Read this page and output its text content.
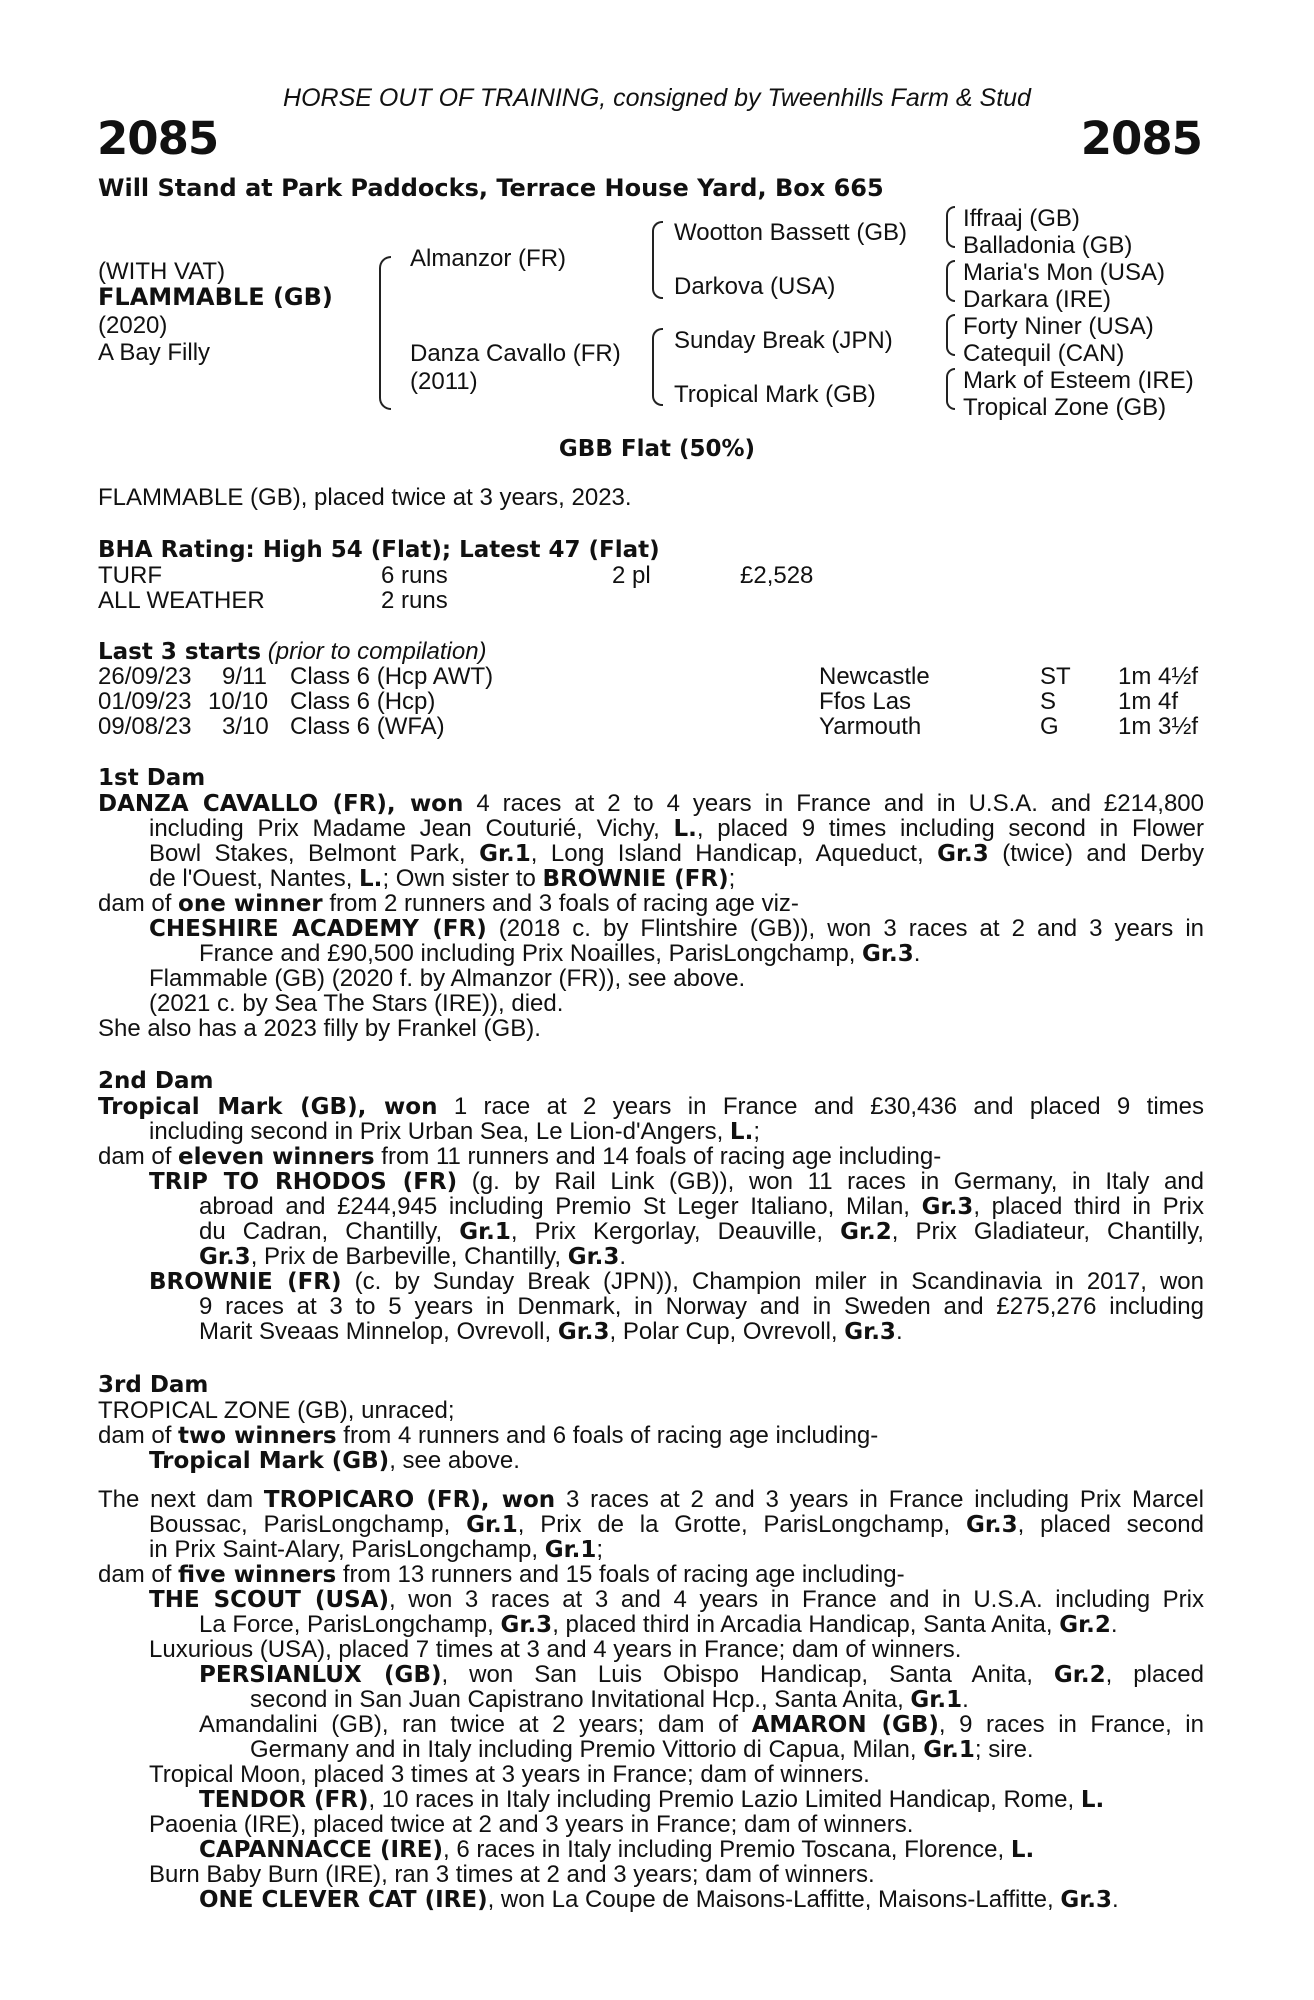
HORSE OUT OF TRAINING, consigned by Tweenhills Farm & Stud
2085	2085
Will Stand at Park Paddocks, Terrace House Yard, Box 665
(WITH VAT)
FLAMMABLE (GB)
(2020)
A Bay Filly
Almanzor (FR)
Danza Cavallo (FR)
(2011)
Wootton Bassett (GB)
Darkova (USA)
Sunday Break (JPN)
Tropical Mark (GB)
Iffraaj (GB)
Balladonia (GB)
Maria's Mon (USA)
Darkara (IRE)
Forty Niner (USA)
Catequil (CAN)
Mark of Esteem (IRE)
Tropical Zone (GB)
GBB Flat (50%)
FLAMMABLE (GB), placed twice at 3 years, 2023.
BHA Rating: High 54 (Flat); Latest 47 (Flat)
TURF	6 runs	2 pl	£2,528
ALL WEATHER	2 runs
Last 3 starts (prior to compilation)
26/09/23 9/11 Class 6 (Hcp AWT)	Newcastle	ST 1m 4½f
01/09/23 10/10 Class 6 (Hcp)	Ffos Las	S	1m 4f
09/08/23 3/10 Class 6 (WFA)	Yarmouth	G 1m 3½f
1st Dam
DANZA CAVALLO (FR), won 4 races at 2 to 4 years in France and in U.S.A. and £214,800
including Prix Madame Jean Couturié, Vichy, L., placed 9 times including second in Flower
Bowl Stakes, Belmont Park, Gr.1, Long Island Handicap, Aqueduct, Gr.3 (twice) and Derby
de l'Ouest, Nantes, L.; Own sister to BROWNIE (FR);
dam of one winner from 2 runners and 3 foals of racing age viz-
CHESHIRE ACADEMY (FR) (2018 c. by Flintshire (GB)), won 3 races at 2 and 3 years in
France and £90,500 including Prix Noailles, ParisLongchamp, Gr.3.
Flammable (GB) (2020 f. by Almanzor (FR)), see above.
(2021 c. by Sea The Stars (IRE)), died.
She also has a 2023 filly by Frankel (GB).
2nd Dam
Tropical Mark (GB), won 1 race at 2 years in France and £30,436 and placed 9 times
including second in Prix Urban Sea, Le Lion-d'Angers, L.;
dam of eleven winners from 11 runners and 14 foals of racing age including-
TRIP TO RHODOS (FR) (g. by Rail Link (GB)), won 11 races in Germany, in Italy and
abroad and £244,945 including Premio St Leger Italiano, Milan, Gr.3, placed third in Prix
du Cadran, Chantilly, Gr.1, Prix Kergorlay, Deauville, Gr.2, Prix Gladiateur, Chantilly,
Gr.3, Prix de Barbeville, Chantilly, Gr.3.
BROWNIE (FR) (c. by Sunday Break (JPN)), Champion miler in Scandinavia in 2017, won
9 races at 3 to 5 years in Denmark, in Norway and in Sweden and £275,276 including
Marit Sveaas Minnelop, Ovrevoll, Gr.3, Polar Cup, Ovrevoll, Gr.3.
3rd Dam
TROPICAL ZONE (GB), unraced;
dam of two winners from 4 runners and 6 foals of racing age including-
Tropical Mark (GB), see above.
The next dam TROPICARO (FR), won 3 races at 2 and 3 years in France including Prix Marcel
Boussac, ParisLongchamp, Gr.1, Prix de la Grotte, ParisLongchamp, Gr.3, placed second
in Prix Saint-Alary, ParisLongchamp, Gr.1;
dam of five winners from 13 runners and 15 foals of racing age including-
THE SCOUT (USA), won 3 races at 3 and 4 years in France and in U.S.A. including Prix
La Force, ParisLongchamp, Gr.3, placed third in Arcadia Handicap, Santa Anita, Gr.2.
Luxurious (USA), placed 7 times at 3 and 4 years in France; dam of winners.
PERSIANLUX (GB), won San Luis Obispo Handicap, Santa Anita, Gr.2, placed
second in San Juan Capistrano Invitational Hcp., Santa Anita, Gr.1.
Amandalini (GB), ran twice at 2 years; dam of AMARON (GB), 9 races in France, in
Germany and in Italy including Premio Vittorio di Capua, Milan, Gr.1; sire.
Tropical Moon, placed 3 times at 3 years in France; dam of winners.
TENDOR (FR), 10 races in Italy including Premio Lazio Limited Handicap, Rome, L.
Paoenia (IRE), placed twice at 2 and 3 years in France; dam of winners.
CAPANNACCE (IRE), 6 races in Italy including Premio Toscana, Florence, L.
Burn Baby Burn (IRE), ran 3 times at 2 and 3 years; dam of winners.
ONE CLEVER CAT (IRE), won La Coupe de Maisons-Laffitte, Maisons-Laffitte, Gr.3.
